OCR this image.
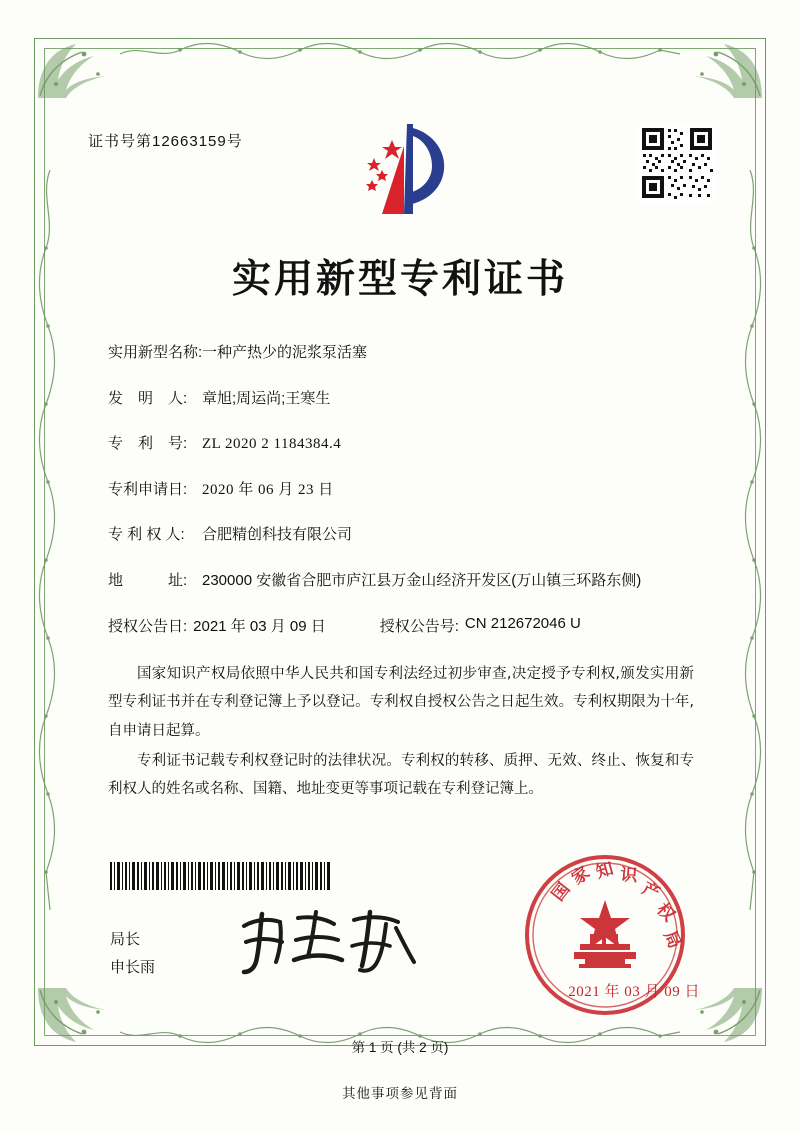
证书号第12663159号
实用新型专利证书
实用新型名称: 一种产热少的泥浆泵活塞
发　明　人: 章旭;周运尚;王寒生
专　利　号: ZL 2020 2 1184384.4
专利申请日: 2020 年 06 月 23 日
专 利 权 人:	合肥精创科技有限公司
地　　　址: 230000 安徽省合肥市庐江县万金山经济开发区(万山镇三环路东侧)
授权公告日: 2021 年 03 月 09 日	授权公告号: CN 212672046 U

国家知识产权局依照中华人民共和国专利法经过初步审查,决定授予专利权,颁发实用新型专利证书并在专利登记簿上予以登记。专利权自授权公告之日起生效。专利权期限为十年,自申请日起算。

专利证书记载专利权登记时的法律状况。专利权的转移、质押、无效、终止、恢复和专利权人的姓名或名称、国籍、地址变更等事项记载在专利登记簿上。

局长
申长雨
国
家 知 识
产
权
局
2021 年 03 月 09 日
第 1 页 (共 2 页)
其他事项参见背面
